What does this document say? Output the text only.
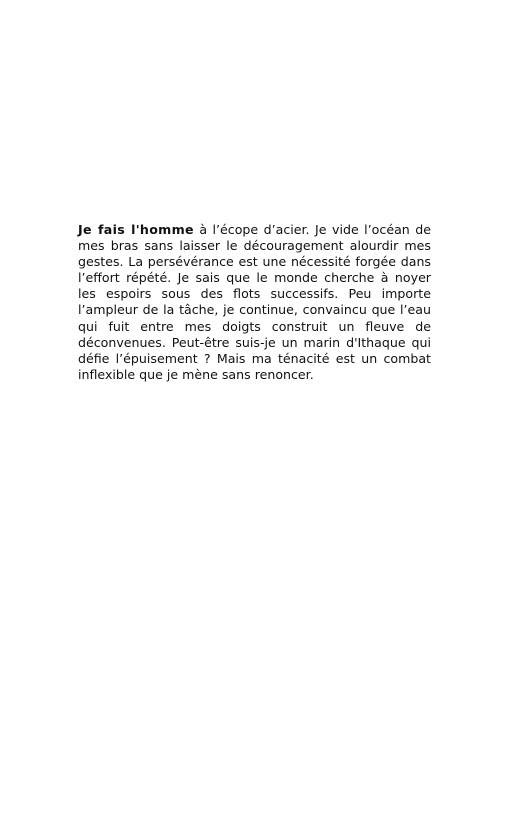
Je fais l'homme à l’écope d’acier. Je vide l’océan de mes bras sans laisser le découragement alourdir mes gestes. La persévérance est une nécessité forgée dans l’effort répété. Je sais que le monde cherche à noyer les espoirs sous des flots successifs. Peu importe l’ampleur de la tâche, je continue, convaincu que l’eau qui fuit entre mes doigts construit un fleuve de déconvenues. Peut-être suis-je un marin d'Ithaque qui défie l’épuisement ? Mais ma ténacité est un combat inflexible que je mène sans renoncer.
